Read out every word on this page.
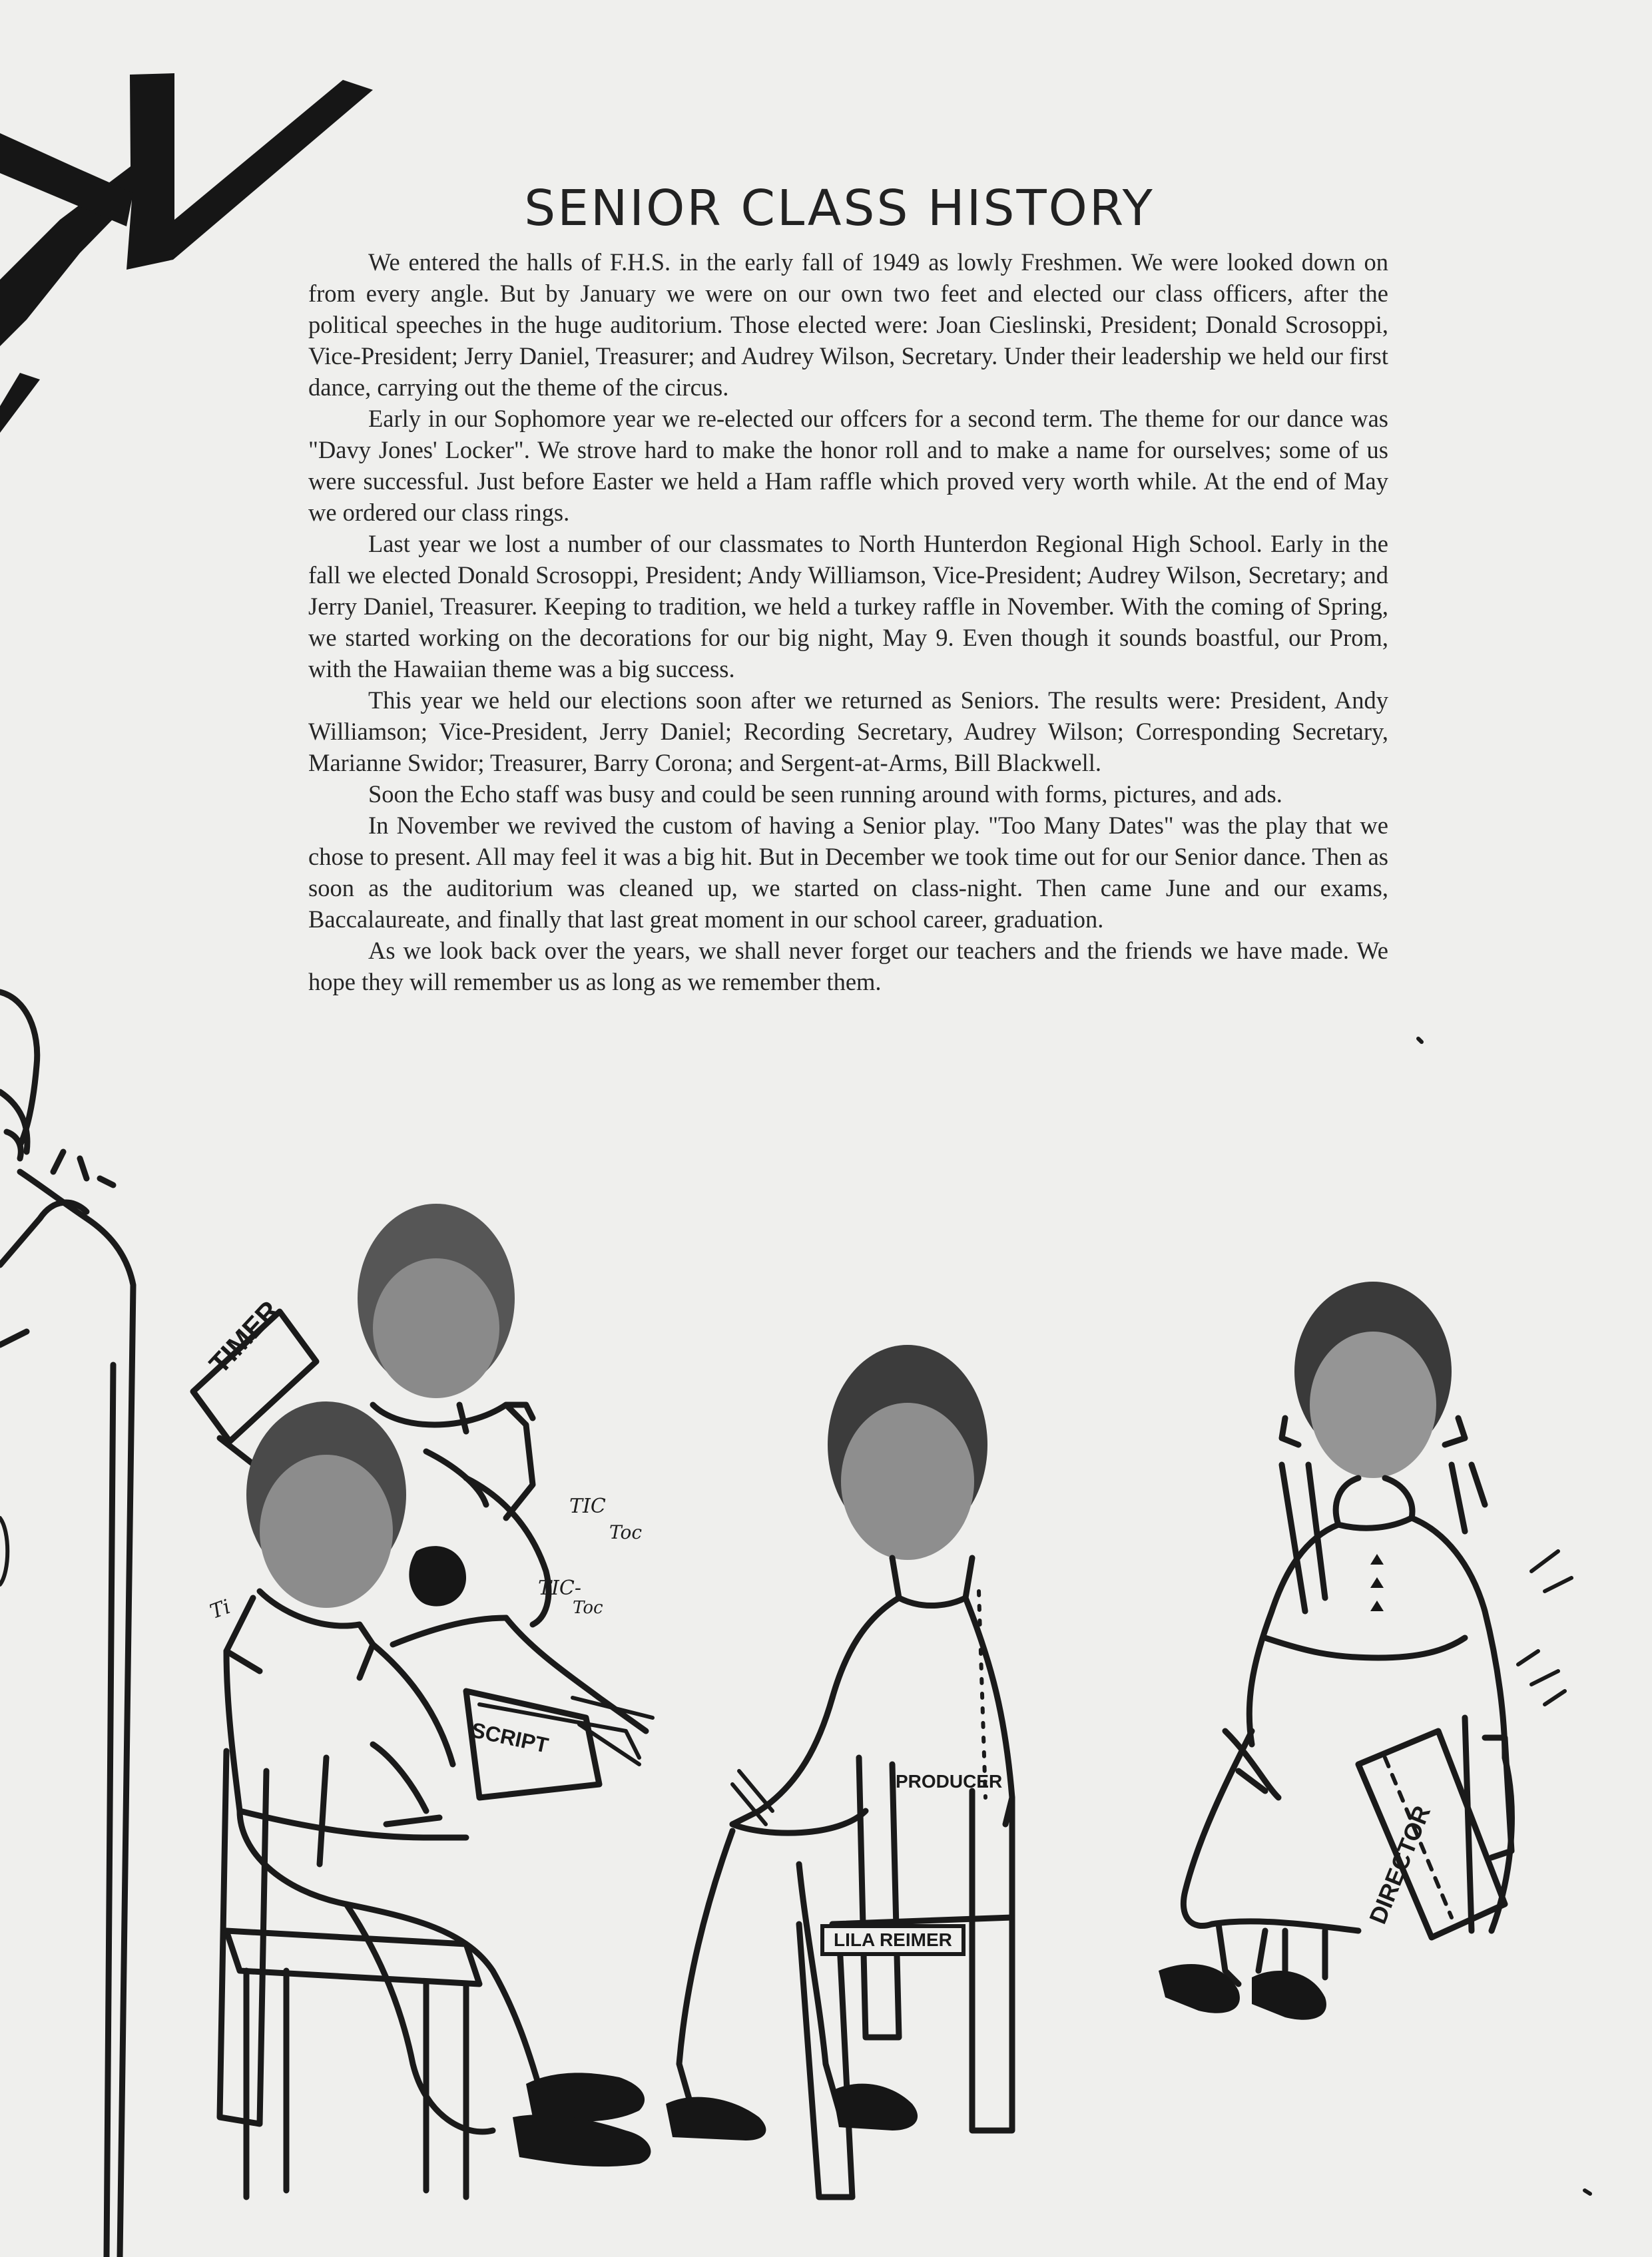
SENIOR CLASS HISTORY

We entered the halls of F.H.S. in the early fall of 1949 as lowly Freshmen. We were looked down on from every angle. But by January we were on our own two feet and elected our class officers, after the political speeches in the huge auditorium. Those elected were: Joan Cieslinski, President; Donald Scrosoppi, Vice-President; Jerry Daniel, Treasurer; and Audrey Wilson, Secretary. Under their leadership we held our first dance, carrying out the theme of the circus.

Early in our Sophomore year we re-elected our offcers for a second term. The theme for our dance was "Davy Jones' Locker". We strove hard to make the honor roll and to make a name for ourselves; some of us were successful. Just before Easter we held a Ham raffle which proved very worth while. At the end of May we ordered our class rings.

Last year we lost a number of our classmates to North Hunterdon Regional High School. Early in the fall we elected Donald Scrosoppi, President; Andy Williamson, Vice-President; Audrey Wilson, Secretary; and Jerry Daniel, Treasurer. Keeping to tradition, we held a turkey raffle in November. With the coming of Spring, we started working on the decorations for our big night, May 9. Even though it sounds boastful, our Prom, with the Hawaiian theme was a big success.

This year we held our elections soon after we returned as Seniors. The results were: President, Andy Williamson; Vice-President, Jerry Daniel; Recording Secretary, Audrey Wilson; Corresponding Secretary, Marianne Swidor; Treasurer, Barry Corona; and Sergent-at-Arms, Bill Blackwell.

Soon the Echo staff was busy and could be seen running around with forms, pictures, and ads.

In November we revived the custom of having a Senior play. "Too Many Dates" was the play that we chose to present. All may feel it was a big hit. But in December we took time out for our Senior dance. Then as soon as the auditorium was cleaned up, we started on class-night. Then came June and our exams, Baccalaureate, and finally that last great moment in our school career, graduation.

As we look back over the years, we shall never forget our teachers and the friends we have made. We hope they will remember us as long as we remember them.

TIMER
TIC
Toc
TIC-
Toc
Ti
SCRIPT
PRODUCER
LILA REIMER
DIRECTOR
